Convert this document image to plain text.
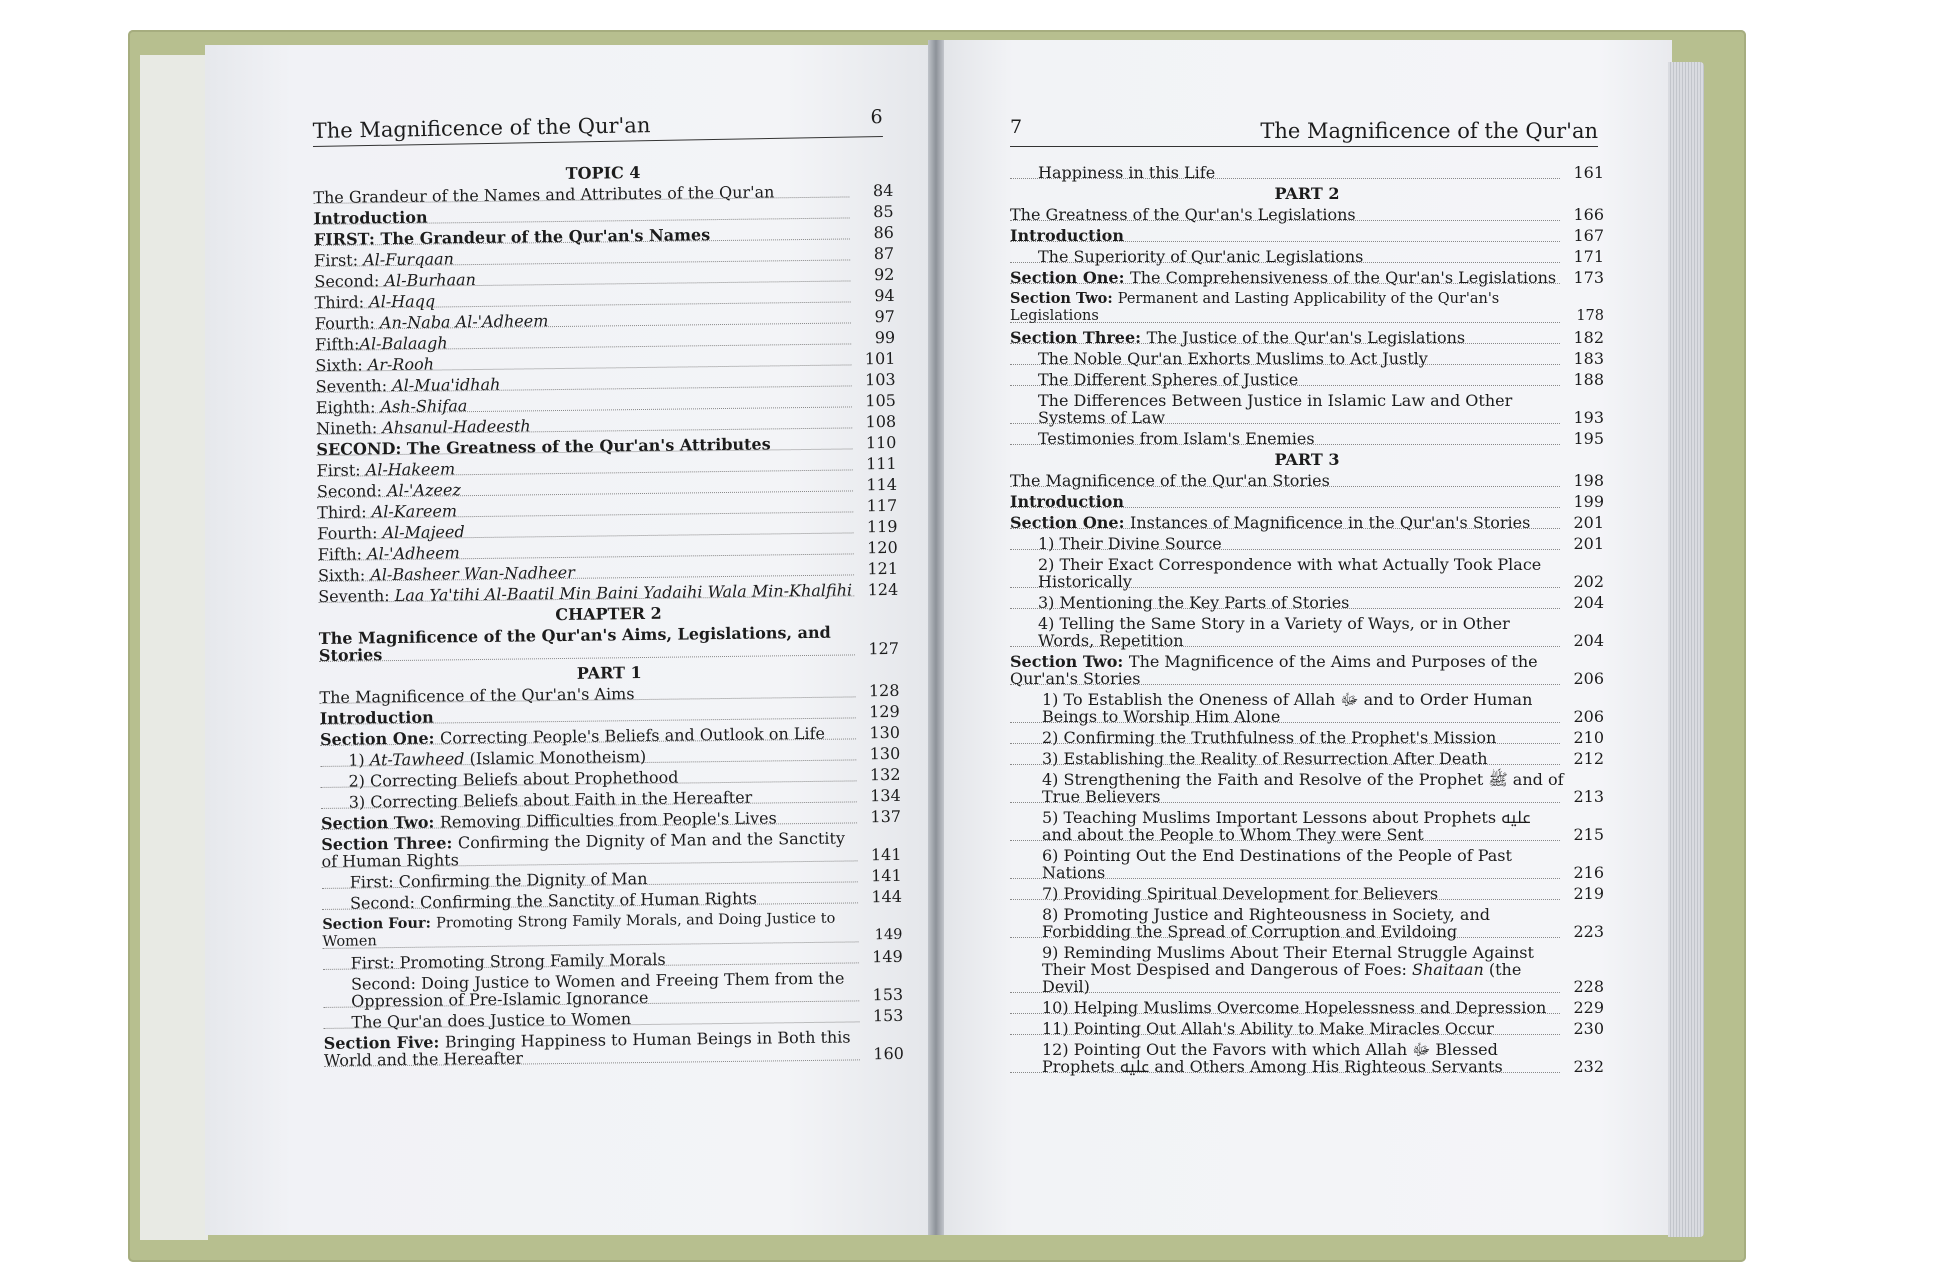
The Magnificence of the Qur'an	6	7	The Magnificence of the Qur'an
TOPIC 4
The Grandeur of the Names and Attributes of the Qur'an	84
Introduction	85
FIRST: The Grandeur of the Qur'an's Names	86
First: Al-Furqaan	87
Second: Al-Burhaan	92
Third: Al-Haqq	94
Fourth: An-Naba Al-'Adheem	97
Fifth:Al-Balaagh	99
Sixth: Ar-Rooh	101
Seventh: Al-Mua'idhah	103
Eighth: Ash-Shifaa	105
Nineth: Ahsanul-Hadeesth	108
SECOND: The Greatness of the Qur'an's Attributes	110
First: Al-Hakeem	111
Second: Al-'Azeez	114
Third: Al-Kareem	117
Fourth: Al-Majeed	119
Fifth: Al-'Adheem	120
Sixth: Al-Basheer Wan-Nadheer	121
Seventh: Laa Ya'tihi Al-Baatil Min Baini Yadaihi Wala Min-Khalfihi 124
CHAPTER 2
The Magnificence of the Qur'an's Aims, Legislations, and Stories	127
PART 1
The Magnificence of the Qur'an's Aims	128
Introduction	129
Section One: Correcting People's Beliefs and Outlook on Life	130
1) At-Tawheed (Islamic Monotheism)	130
2) Correcting Beliefs about Prophethood	132
3) Correcting Beliefs about Faith in the Hereafter	134
Section Two: Removing Difficulties from People's Lives	137
Section Three: Confirming the Dignity of Man and the Sanctity of Human Rights	141
First: Confirming the Dignity of Man	141
Second: Confirming the Sanctity of Human Rights	144
Section Four: Promoting Strong Family Morals, and Doing Justice to Women	149
First: Promoting Strong Family Morals	149
Second: Doing Justice to Women and Freeing Them from the Oppression of Pre-Islamic Ignorance	153
The Qur'an does Justice to Women	153
Section Five: Bringing Happiness to Human Beings in Both this World and the Hereafter	160
Happiness in this Life	161
PART 2
The Greatness of the Qur'an's Legislations	166
Introduction	167
The Superiority of Qur'anic Legislations	171
Section One: The Comprehensiveness of the Qur'an's Legislations	173
Section Two: Permanent and Lasting Applicability of the Qur'an's Legislations	178
Section Three: The Justice of the Qur'an's Legislations	182
The Noble Qur'an Exhorts Muslims to Act Justly	183
The Different Spheres of Justice	188
The Differences Between Justice in Islamic Law and Other Systems of Law	193
Testimonies from Islam's Enemies	195
PART 3
The Magnificence of the Qur'an Stories	198
Introduction	199
Section One: Instances of Magnificence in the Qur'an's Stories	201
1) Their Divine Source	201
2) Their Exact Correspondence with what Actually Took Place Historically	202
3) Mentioning the Key Parts of Stories	204
4) Telling the Same Story in a Variety of Ways, or in Other Words, Repetition	204
Section Two: The Magnificence of the Aims and Purposes of the Qur'an's Stories	206
1) To Establish the Oneness of Allah ﷻ and to Order Human Beings to Worship Him Alone	206
2) Confirming the Truthfulness of the Prophet's Mission	210
3) Establishing the Reality of Resurrection After Death	212
4) Strengthening the Faith and Resolve of the Prophet ﷺ and of True Believers	213
5) Teaching Muslims Important Lessons about Prophets ﷷ and about the People to Whom They were Sent	215
6) Pointing Out the End Destinations of the People of Past Nations	216
7) Providing Spiritual Development for Believers	219
8) Promoting Justice and Righteousness in Society, and Forbidding the Spread of Corruption and Evildoing	223
9) Reminding Muslims About Their Eternal Struggle Against Their Most Despised and Dangerous of Foes: Shaitaan (the Devil)	228
10) Helping Muslims Overcome Hopelessness and Depression	229
11) Pointing Out Allah's Ability to Make Miracles Occur	230
12) Pointing Out the Favors with which Allah ﷻ Blessed Prophets ﷷ and Others Among His Righteous Servants	232
